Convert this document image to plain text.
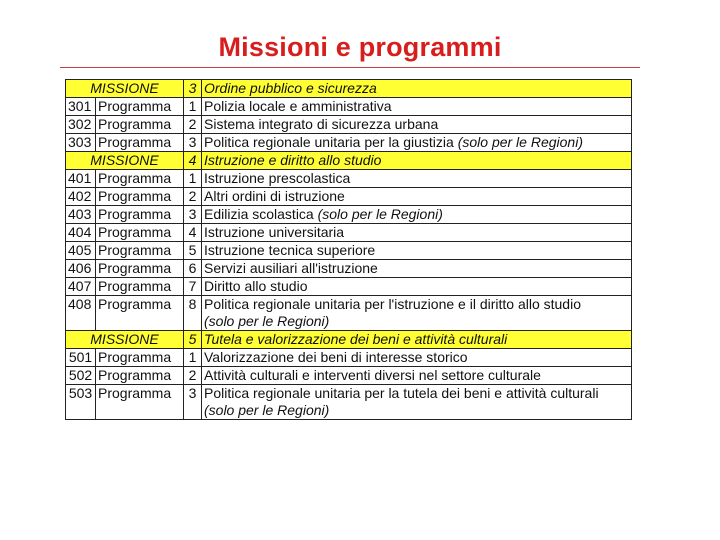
Missioni e programmi
MISSIONE		3	Ordine pubblico e sicurezza
301	Programma	1	Polizia locale e amministrativa
302	Programma	2	Sistema integrato di sicurezza urbana
303	Programma	3	Politica regionale unitaria per la giustizia (solo per le Regioni)
MISSIONE		4	Istruzione e diritto allo studio
401	Programma	1	Istruzione prescolastica
402	Programma	2	Altri ordini di istruzione
403	Programma	3	Edilizia scolastica (solo per le Regioni)
404	Programma	4	Istruzione universitaria
405	Programma	5	Istruzione tecnica superiore
406	Programma	6	Servizi ausiliari all'istruzione
407	Programma	7	Diritto allo studio
408	Programma	8	Politica regionale unitaria per l'istruzione e il diritto allo studio
(solo per le Regioni)
MISSIONE		5	Tutela e valorizzazione dei beni e attività culturali
501	Programma	1	Valorizzazione dei beni di interesse storico
502	Programma	2	Attività culturali e interventi diversi nel settore culturale
503	Programma	3	Politica regionale unitaria per la tutela dei beni e attività culturali (solo per le Regioni)
